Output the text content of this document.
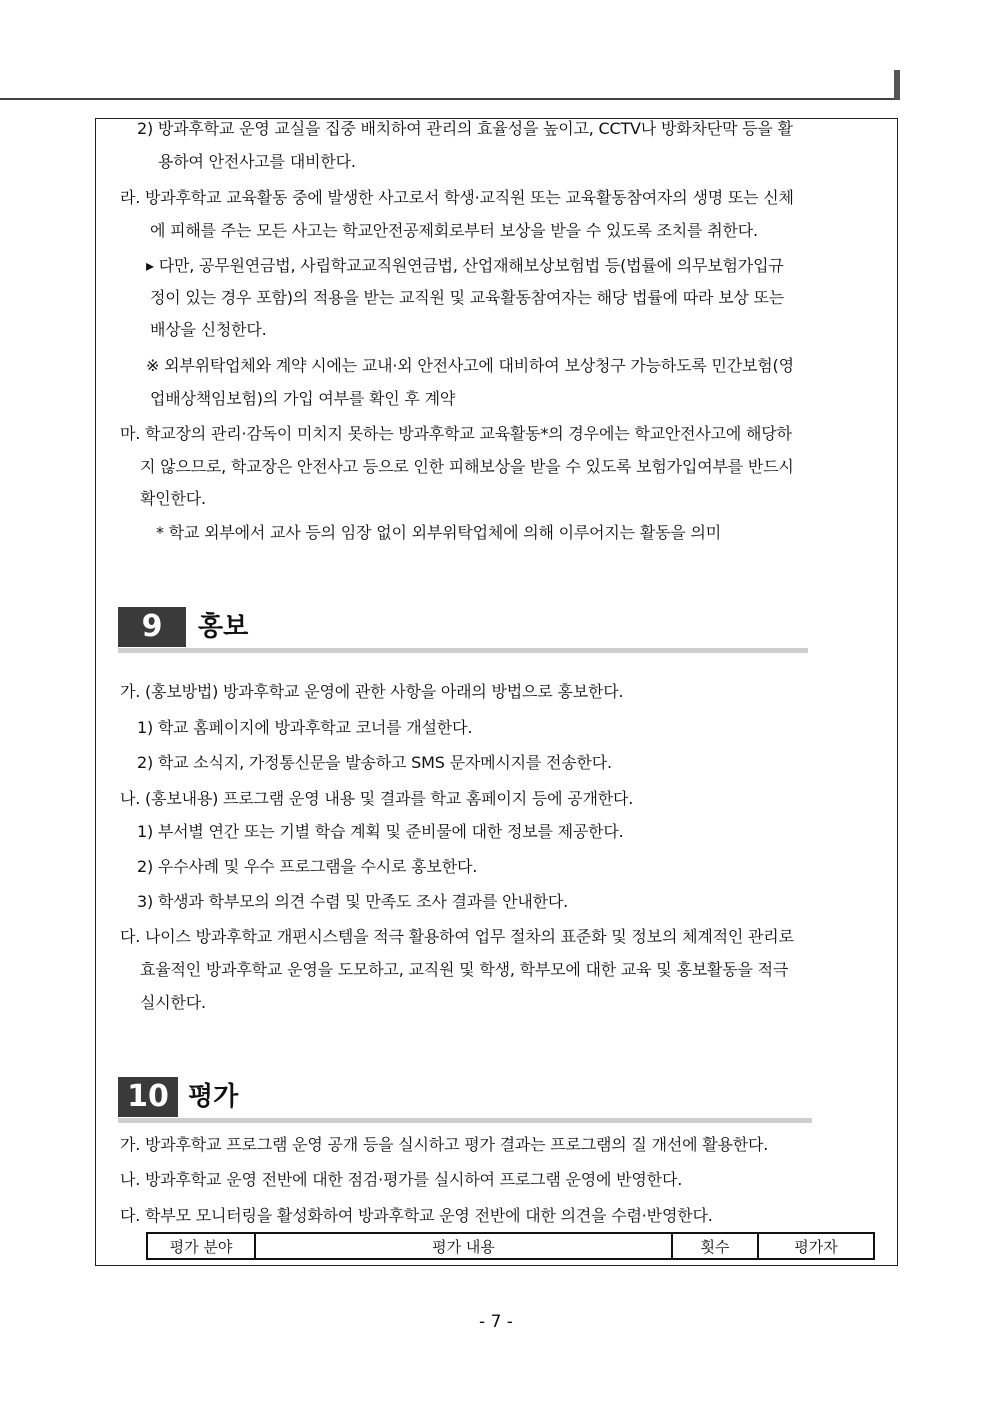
2) 방과후학교 운영 교실을 집중 배치하여 관리의 효율성을 높이고, CCTV나 방화차단막 등을 활
용하여 안전사고를 대비한다.
라. 방과후학교 교육활동 중에 발생한 사고로서 학생·교직원 또는 교육활동참여자의 생명 또는 신체
에 피해를 주는 모든 사고는 학교안전공제회로부터 보상을 받을 수 있도록 조치를 취한다.
▸ 다만, 공무원연금법, 사립학교교직원연금법, 산업재해보상보험법 등(법률에 의무보험가입규
정이 있는 경우 포함)의 적용을 받는 교직원 및 교육활동참여자는 해당 법률에 따라 보상 또는
배상을 신청한다.
※ 외부위탁업체와 계약 시에는 교내·외 안전사고에 대비하여 보상청구 가능하도록 민간보험(영
업배상책임보험)의 가입 여부를 확인 후 계약
마. 학교장의 관리·감독이 미치지 못하는 방과후학교 교육활동*의 경우에는 학교안전사고에 해당하
지 않으므로, 학교장은 안전사고 등으로 인한 피해보상을 받을 수 있도록 보험가입여부를 반드시
확인한다.
* 학교 외부에서 교사 등의 임장 없이 외부위탁업체에 의해 이루어지는 활동을 의미
9	홍보
가. (홍보방법) 방과후학교 운영에 관한 사항을 아래의 방법으로 홍보한다.
1) 학교 홈페이지에 방과후학교 코너를 개설한다.
2) 학교 소식지, 가정통신문을 발송하고 SMS 문자메시지를 전송한다.
나. (홍보내용) 프로그램 운영 내용 및 결과를 학교 홈페이지 등에 공개한다.
1) 부서별 연간 또는 기별 학습 계획 및 준비물에 대한 정보를 제공한다.
2) 우수사례 및 우수 프로그램을 수시로 홍보한다.
3) 학생과 학부모의 의견 수렴 및 만족도 조사 결과를 안내한다.
다. 나이스 방과후학교 개편시스템을 적극 활용하여 업무 절차의 표준화 및 정보의 체계적인 관리로
효율적인 방과후학교 운영을 도모하고, 교직원 및 학생, 학부모에 대한 교육 및 홍보활동을 적극
실시한다.
10 평가
가. 방과후학교 프로그램 운영 공개 등을 실시하고 평가 결과는 프로그램의 질 개선에 활용한다.
나. 방과후학교 운영 전반에 대한 점검·평가를 실시하여 프로그램 운영에 반영한다.
다. 학부모 모니터링을 활성화하여 방과후학교 운영 전반에 대한 의견을 수렴·반영한다.
평가 분야	평가 내용	횟수	평가자
- 7 -
